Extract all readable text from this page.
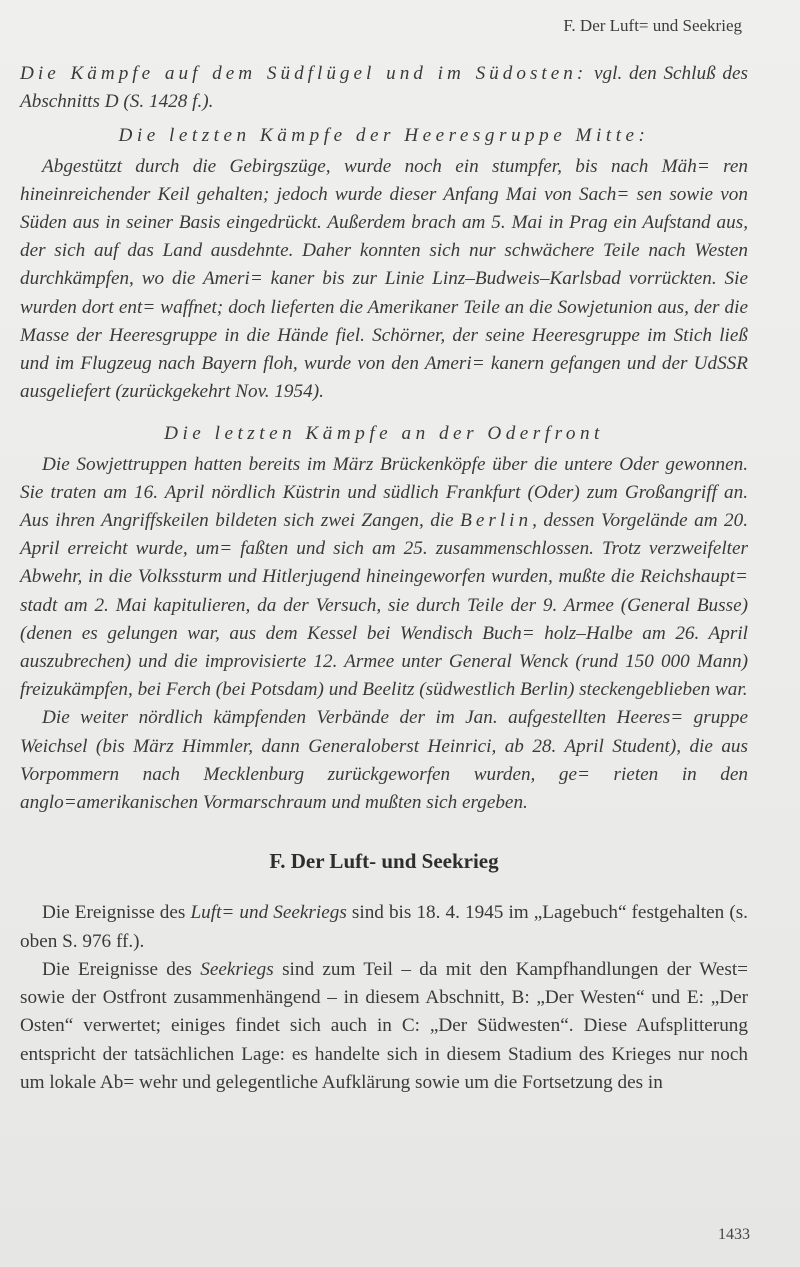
F. Der Luft= und Seekrieg

Die Kämpfe auf dem Südflügel und im Südosten: vgl. den Schluß des Abschnitts D (S. 1428 f.).

Die letzten Kämpfe der Heeresgruppe Mitte:

Abgestützt durch die Gebirgszüge, wurde noch ein stumpfer, bis nach Mäh= ren hineinreichender Keil gehalten; jedoch wurde dieser Anfang Mai von Sach= sen sowie von Süden aus in seiner Basis eingedrückt. Außerdem brach am 5. Mai in Prag ein Aufstand aus, der sich auf das Land ausdehnte. Daher konnten sich nur schwächere Teile nach Westen durchkämpfen, wo die Ameri= kaner bis zur Linie Linz–Budweis–Karlsbad vorrückten. Sie wurden dort ent= waffnet; doch lieferten die Amerikaner Teile an die Sowjetunion aus, der die Masse der Heeresgruppe in die Hände fiel. Schörner, der seine Heeresgruppe im Stich ließ und im Flugzeug nach Bayern floh, wurde von den Ameri= kanern gefangen und der UdSSR ausgeliefert (zurückgekehrt Nov. 1954).

Die letzten Kämpfe an der Oderfront

Die Sowjettruppen hatten bereits im März Brückenköpfe über die untere Oder gewonnen. Sie traten am 16. April nördlich Küstrin und südlich Frankfurt (Oder) zum Großangriff an. Aus ihren Angriffskeilen bildeten sich zwei Zangen, die Berlin, dessen Vorgelände am 20. April erreicht wurde, um= faßten und sich am 25. zusammenschlossen. Trotz verzweifelter Abwehr, in die Volkssturm und Hitlerjugend hineingeworfen wurden, mußte die Reichshaupt= stadt am 2. Mai kapitulieren, da der Versuch, sie durch Teile der 9. Armee (General Busse) (denen es gelungen war, aus dem Kessel bei Wendisch Buch= holz–Halbe am 26. April auszubrechen) und die improvisierte 12. Armee unter General Wenck (rund 150 000 Mann) freizukämpfen, bei Ferch (bei Potsdam) und Beelitz (südwestlich Berlin) steckengeblieben war.

Die weiter nördlich kämpfenden Verbände der im Jan. aufgestellten Heeres= gruppe Weichsel (bis März Himmler, dann Generaloberst Heinrici, ab 28. April Student), die aus Vorpommern nach Mecklenburg zurückgeworfen wurden, ge= rieten in den anglo=amerikanischen Vormarschraum und mußten sich ergeben.

F. Der Luft- und Seekrieg

Die Ereignisse des Luft= und Seekriegs sind bis 18. 4. 1945 im „Lagebuch“ festgehalten (s. oben S. 976 ff.).

Die Ereignisse des Seekriegs sind zum Teil – da mit den Kampfhandlungen der West= sowie der Ostfront zusammenhängend – in diesem Abschnitt, B: „Der Westen“ und E: „Der Osten“ verwertet; einiges findet sich auch in C: „Der Südwesten“. Diese Aufsplitterung entspricht der tatsächlichen Lage: es handelte sich in diesem Stadium des Krieges nur noch um lokale Ab= wehr und gelegentliche Aufklärung sowie um die Fortsetzung des in

1433
